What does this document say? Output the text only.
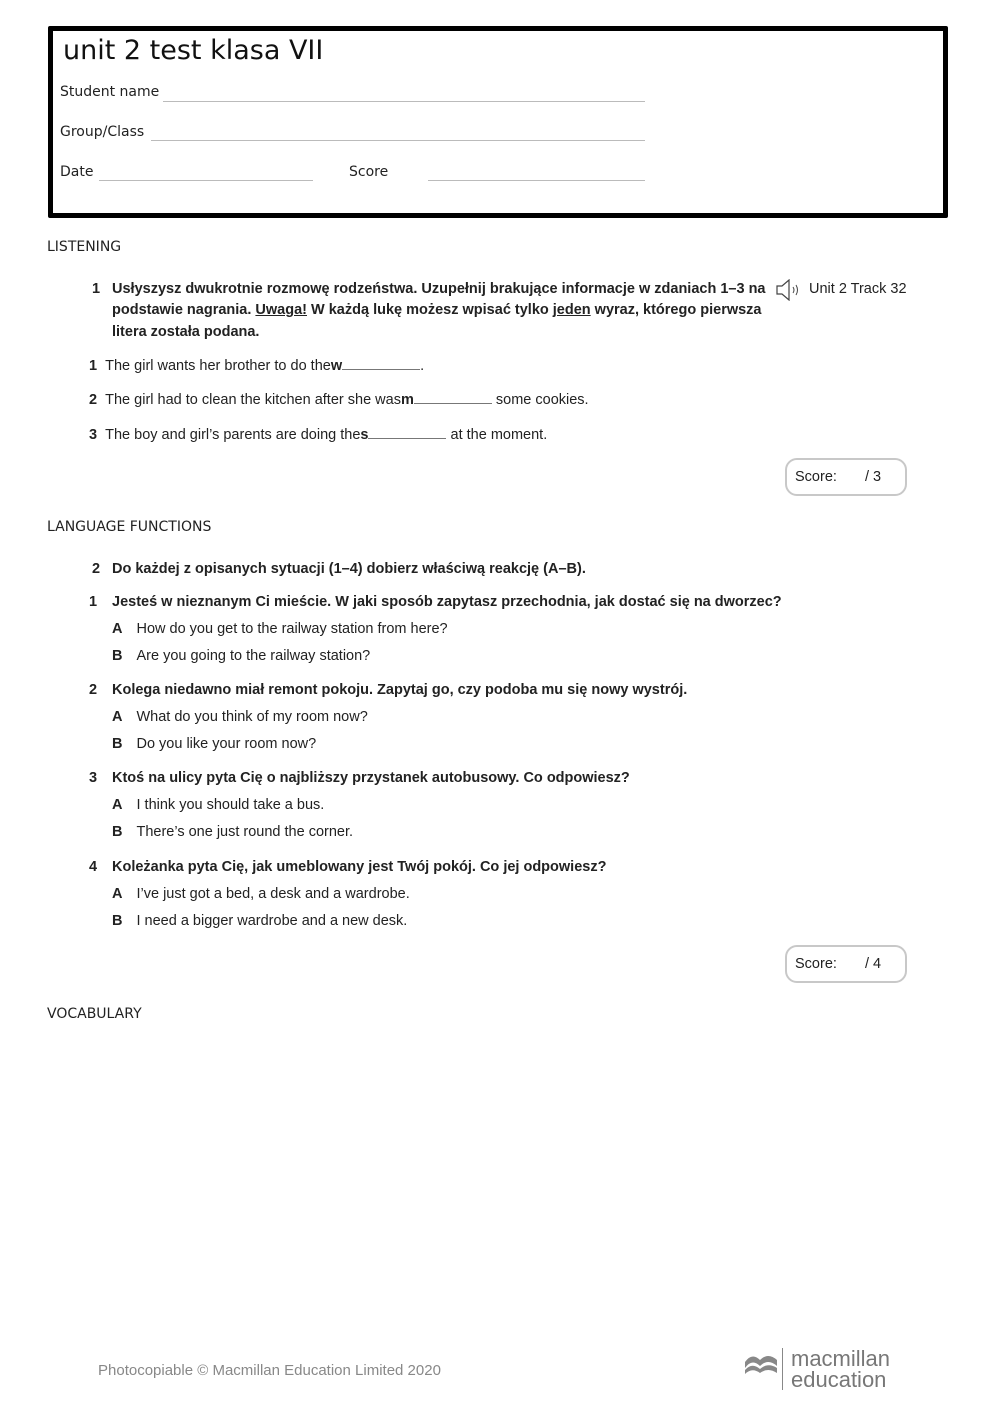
unit 2 test klasa VII
Student name
Group/Class
Date	Score
LISTENING
1 Usłyszysz dwukrotnie rozmowę rodzeństwa. Uzupełnij brakujące informacje w zdaniach 1–3 na
podstawie nagrania. Uwaga! W każdą lukę możesz wpisać tylko jeden wyraz, którego pierwsza
litera została podana.
Unit 2 Track 32
1 The girl wants her brother to do thew	.
2 The girl had to clean the kitchen after she wasm	some cookies.
3 The boy and girl’s parents are doing thes	at the moment.
Score: / 3
LANGUAGE FUNCTIONS
2 Do każdej z opisanych sytuacji (1–4) dobierz właściwą reakcję (A–B).
1 Jesteś w nieznanym Ci mieście. W jaki sposób zapytasz przechodnia, jak dostać się na dworzec?
A How do you get to the railway station from here?
B Are you going to the railway station?
2 Kolega niedawno miał remont pokoju. Zapytaj go, czy podoba mu się nowy wystrój.
A What do you think of my room now?
B Do you like your room now?
3 Ktoś na ulicy pyta Cię o najbliższy przystanek autobusowy. Co odpowiesz?
A I think you should take a bus.
B There’s one just round the corner.
4 Koleżanka pyta Cię, jak umeblowany jest Twój pokój. Co jej odpowiesz?
A I’ve just got a bed, a desk and a wardrobe.
B I need a bigger wardrobe and a new desk.
Score: / 4
VOCABULARY
Photocopiable © Macmillan Education Limited 2020	macmillan
education
